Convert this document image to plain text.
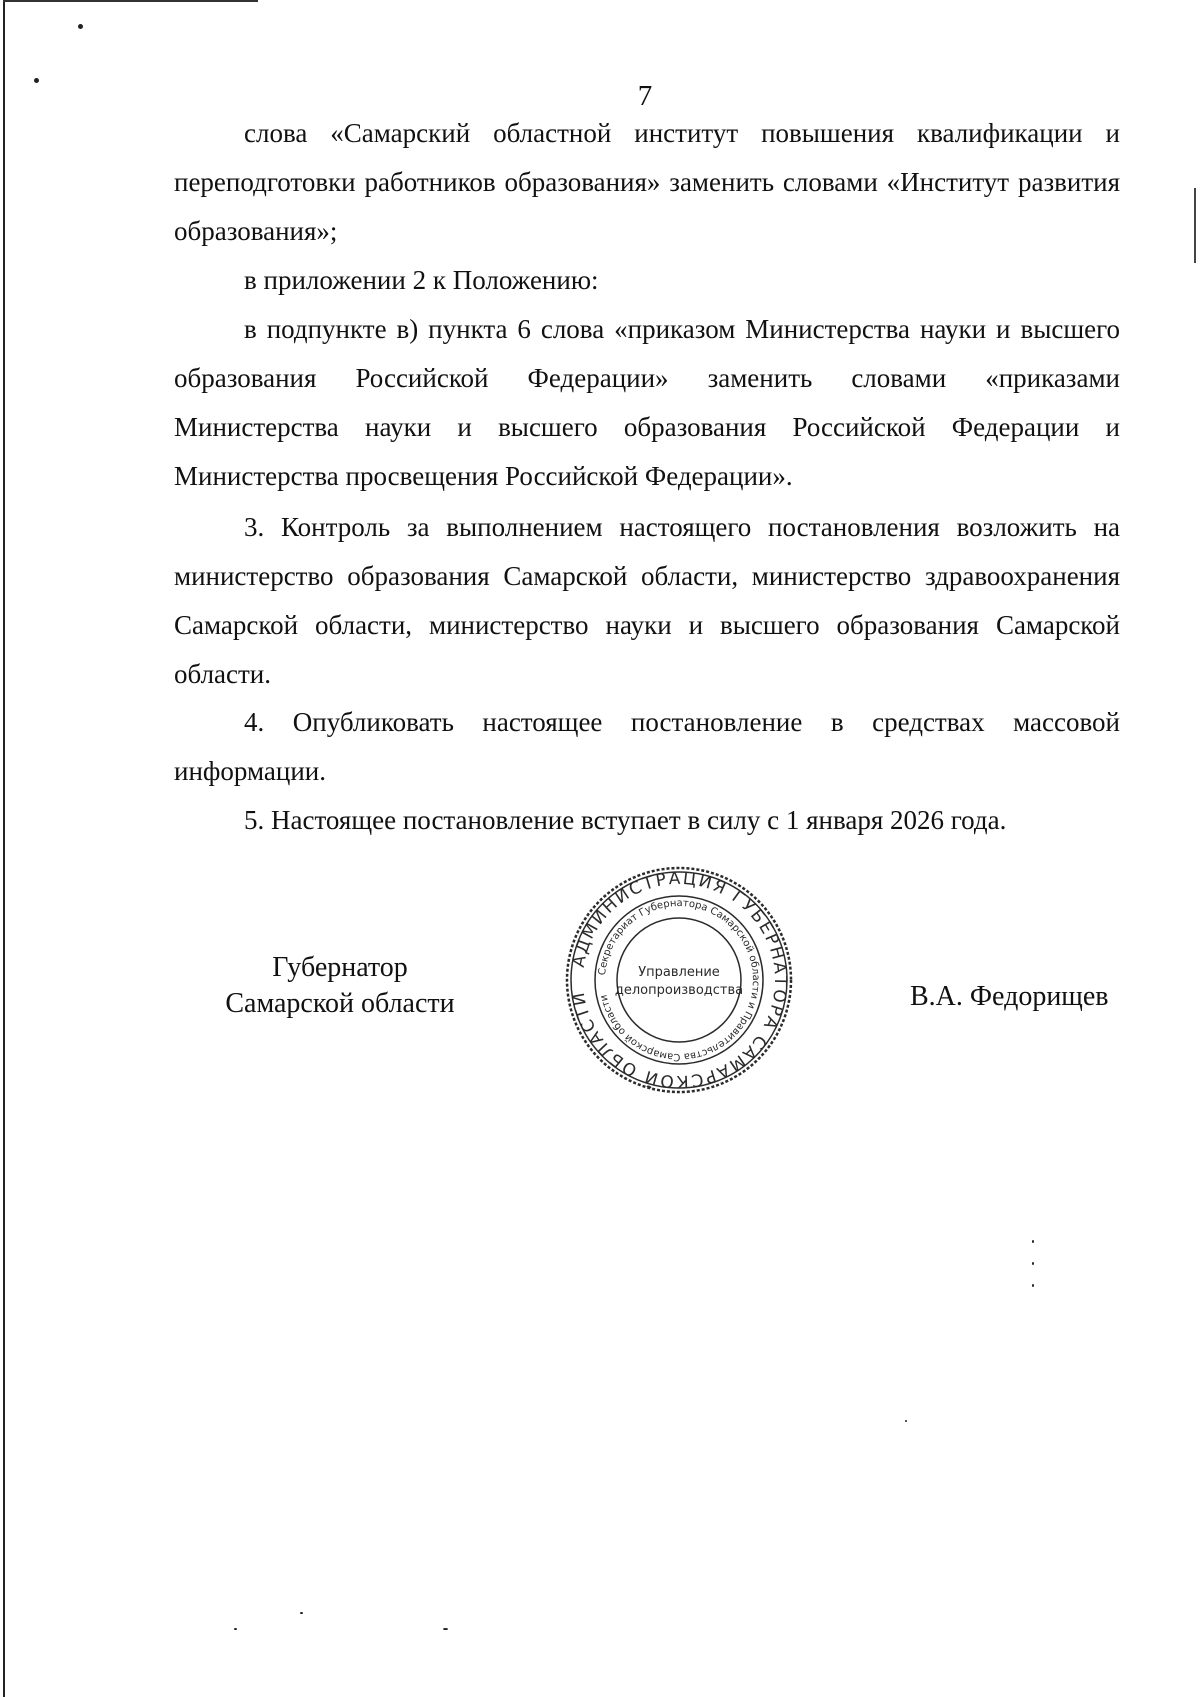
7

слова «Самарский областной институт повышения квалификации и переподготовки работников образования» заменить словами «Институт развития образования»;

в приложении 2 к Положению:

в подпункте в) пункта 6 слова «приказом Министерства науки и высшего образования Российской Федерации» заменить словами «приказами Министерства науки и высшего образования Российской Федерации и Министерства просвещения Российской Федерации».

3. Контроль за выполнением настоящего постановления возложить на министерство образования Самарской области, министерство здравоохранения Самарской области, министерство науки и высшего образования Самарской области.

4. Опубликовать настоящее постановление в средствах массовой информации.

5. Настоящее постановление вступает в силу с 1 января 2026 года.

Губернатор
Самарской области
АДМИНИСТРАЦИЯ ГУБЕРНАТОРА САМАРСКОЙ ОБЛАСТИ
Секретариат Губернатора Самарской области и Правительства Самарской области
Управление
делопроизводства	В.А. Федорищев
